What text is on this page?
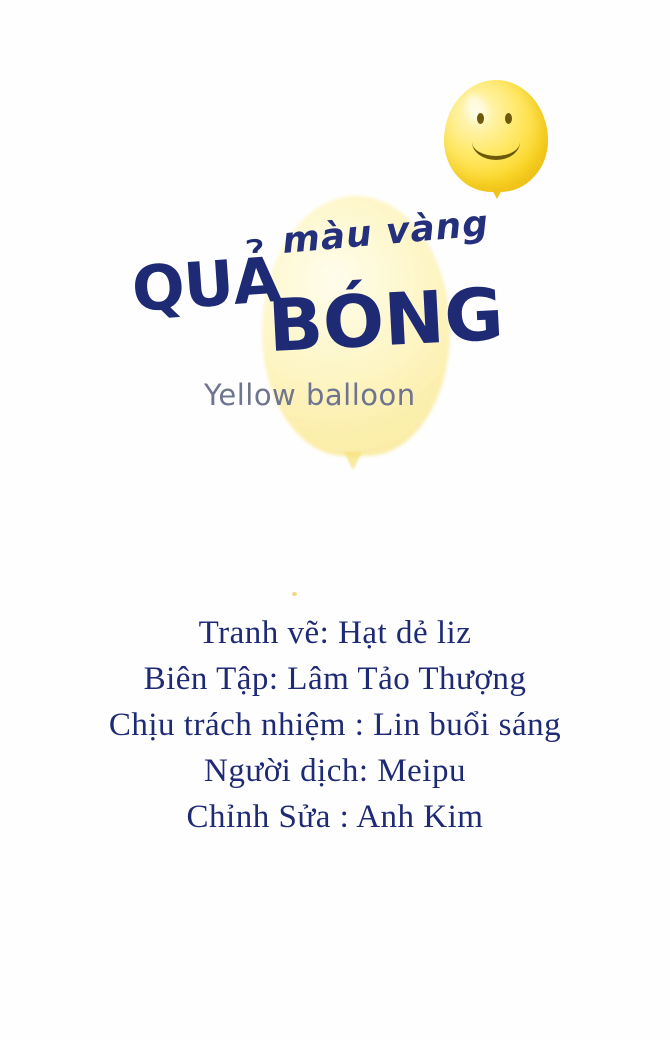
màu vàng
QUẢ
BÓNG
Yellow balloon
Tranh vẽ: Hạt dẻ liz
Biên Tập: Lâm Tảo Thượng
Chịu trách nhiệm : Lin buổi sáng
Người dịch: Meipu
Chỉnh Sửa : Anh Kim
